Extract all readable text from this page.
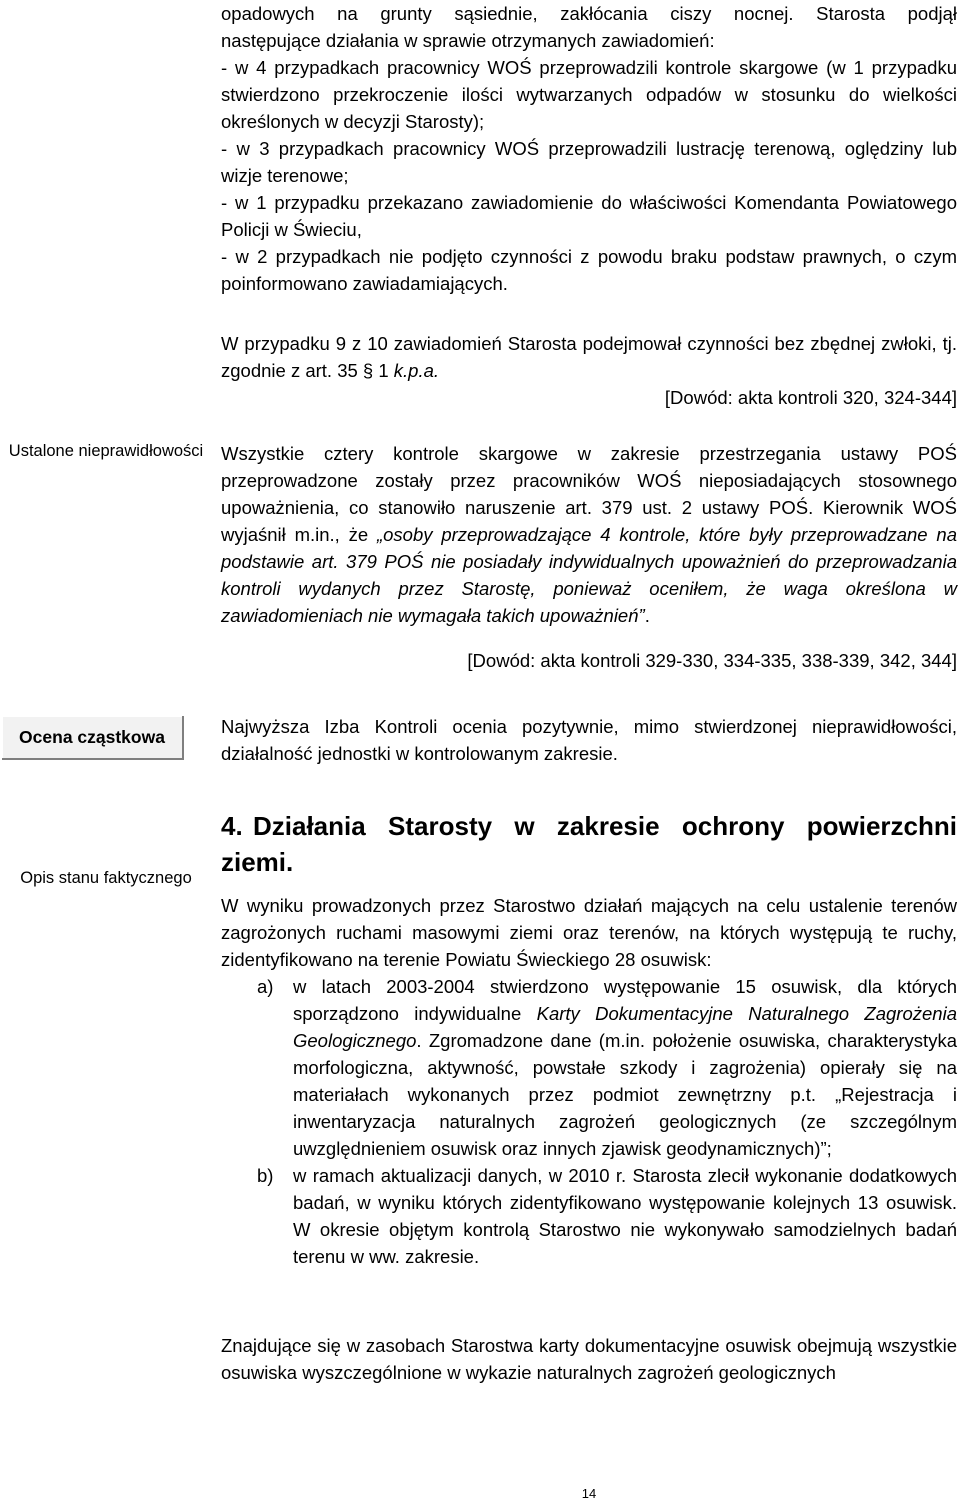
opadowych na grunty sąsiednie, zakłócania ciszy nocnej. Starosta podjął

następujące działania w sprawie otrzymanych zawiadomień:

- w 4 przypadkach pracownicy WOŚ przeprowadzili kontrole skargowe (w 1 przypadku stwierdzono przekroczenie ilości wytwarzanych odpadów w stosunku do wielkości określonych w decyzji Starosty);

- w 3 przypadkach pracownicy WOŚ przeprowadzili lustrację terenową, oględziny lub wizje terenowe;

- w 1 przypadku przekazano zawiadomienie do właściwości Komendanta Powiatowego Policji w Świeciu,

- w 2 przypadkach nie podjęto czynności z powodu braku podstaw prawnych, o czym poinformowano zawiadamiających.

W przypadku 9 z 10 zawiadomień Starosta podejmował czynności bez zbędnej zwłoki, tj. zgodnie z art. 35 § 1 k.p.a.

[Dowód: akta kontroli 320, 324-344]

Ustalone nieprawidłowości Wszystkie cztery kontrole skargowe w zakresie przestrzegania ustawy POŚ przeprowadzone zostały przez pracowników WOŚ nieposiadających stosownego upoważnienia, co stanowiło naruszenie art. 379 ust. 2 ustawy POŚ. Kierownik WOŚ wyjaśnił m.in., że „osoby przeprowadzające 4 kontrole, które były przeprowadzane na podstawie art. 379 POŚ nie posiadały indywidualnych upoważnień do przeprowadzania kontroli wydanych przez Starostę, ponieważ oceniłem, że waga określona w zawiadomieniach nie wymagała takich upoważnień”.

[Dowód: akta kontroli 329-330, 334-335, 338-339, 342, 344]

Ocena cząstkowa	Najwyższa Izba Kontroli ocenia pozytywnie, mimo stwierdzonej nieprawidłowości, działalność jednostki w kontrolowanym zakresie.
4. Działania Starosty w zakresie ochrony powierzchni ziemi.
Opis stanu faktycznego

W wyniku prowadzonych przez Starostwo działań mających na celu ustalenie terenów zagrożonych ruchami masowymi ziemi oraz terenów, na których występują te ruchy, zidentyfikowano na terenie Powiatu Świeckiego 28 osuwisk:

a) w latach 2003-2004 stwierdzono występowanie 15 osuwisk, dla których sporządzono indywidualne Karty Dokumentacyjne Naturalnego Zagrożenia Geologicznego. Zgromadzone dane (m.in. położenie osuwiska, charakterystyka morfologiczna, aktywność, powstałe szkody i zagrożenia) opierały się na materiałach wykonanych przez podmiot zewnętrzny p.t. „Rejestracja i inwentaryzacja naturalnych zagrożeń geologicznych (ze szczególnym uwzględnieniem osuwisk oraz innych zjawisk geodynamicznych)”;
b) w ramach aktualizacji danych, w 2010 r. Starosta zlecił wykonanie dodatkowych badań, w wyniku których zidentyfikowano występowanie kolejnych 13 osuwisk. W okresie objętym kontrolą Starostwo nie wykonywało samodzielnych badań terenu w ww. zakresie.
Znajdujące się w zasobach Starostwa karty dokumentacyjne osuwisk obejmują wszystkie osuwiska wyszczególnione w wykazie naturalnych zagrożeń geologicznych
14
